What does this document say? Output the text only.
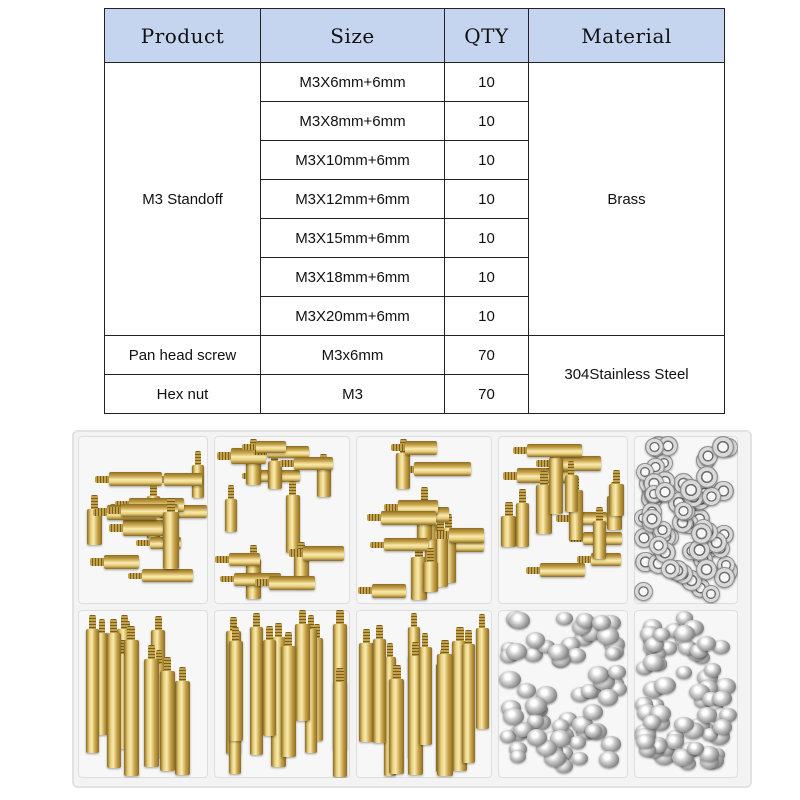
Product	Size	QTY	Material
M3 Standoff	M3X6mm+6mm	10	Brass
	M3X8mm+6mm	10	
	M3X10mm+6mm	10	
	M3X12mm+6mm	10	
	M3X15mm+6mm	10	
	M3X18mm+6mm	10	
	M3X20mm+6mm	10	
Pan head screw	M3x6mm	70	304Stainless Steel
Hex nut	M3	70	
